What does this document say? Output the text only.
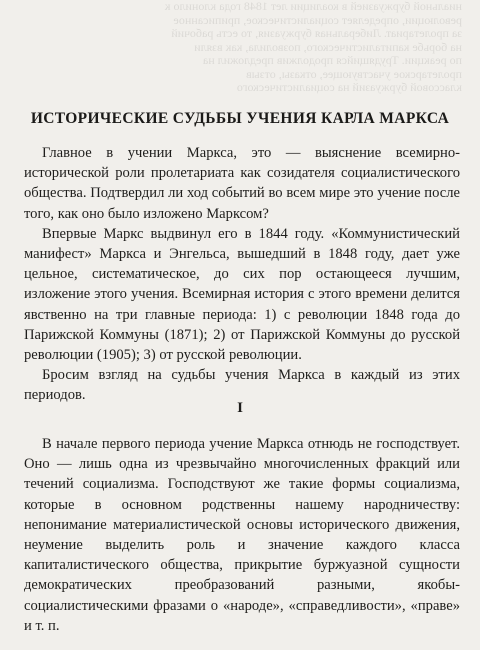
ниальной буржуазией в коалиции лет 1848 года клонило к

революции, определяет социалистическое, приписанное

за пролетариат. Либеральная буржуазия, то есть рабочий

на борьбе капиталистического, позволила, как взяли

по реакции. Трудящийся продолжив предложил на

пролетарское участвующее, отказы, отзыв

классовой буржуазий на социалистического

ИСТОРИЧЕСКИЕ СУДЬБЫ УЧЕНИЯ КАРЛА МАРКСА

Главное в учении Маркса, это — выяснение всемирно-исторической роли пролетариата как созидателя социалистического общества. Подтвердил ли ход событий во всем мире это учение после того, как оно было изложено Марксом?

Впервые Маркс выдвинул его в 1844 году. «Коммунистический манифест» Маркса и Энгельса, вышедший в 1848 году, дает уже цельное, систематическое, до сих пор остающееся лучшим, изложение этого учения. Всемирная история с этого времени делится явственно на три главные периода: 1) с революции 1848 года до Парижской Коммуны (1871); 2) от Парижской Коммуны до русской революции (1905); 3) от русской революции.

Бросим взгляд на судьбы учения Маркса в каждый из этих периодов.

I

В начале первого периода учение Маркса отнюдь не господствует. Оно — лишь одна из чрезвычайно многочисленных фракций или течений социализма. Господствуют же такие формы социализма, которые в основном родственны нашему народничеству: непонимание материалистической основы исторического движения, неумение выделить роль и значение каждого класса капиталистического общества, прикрытие буржуазной сущности демократических преобразований разными, якобы-социалистическими фразами о «народе», «справедливости», «праве» и т. п.
